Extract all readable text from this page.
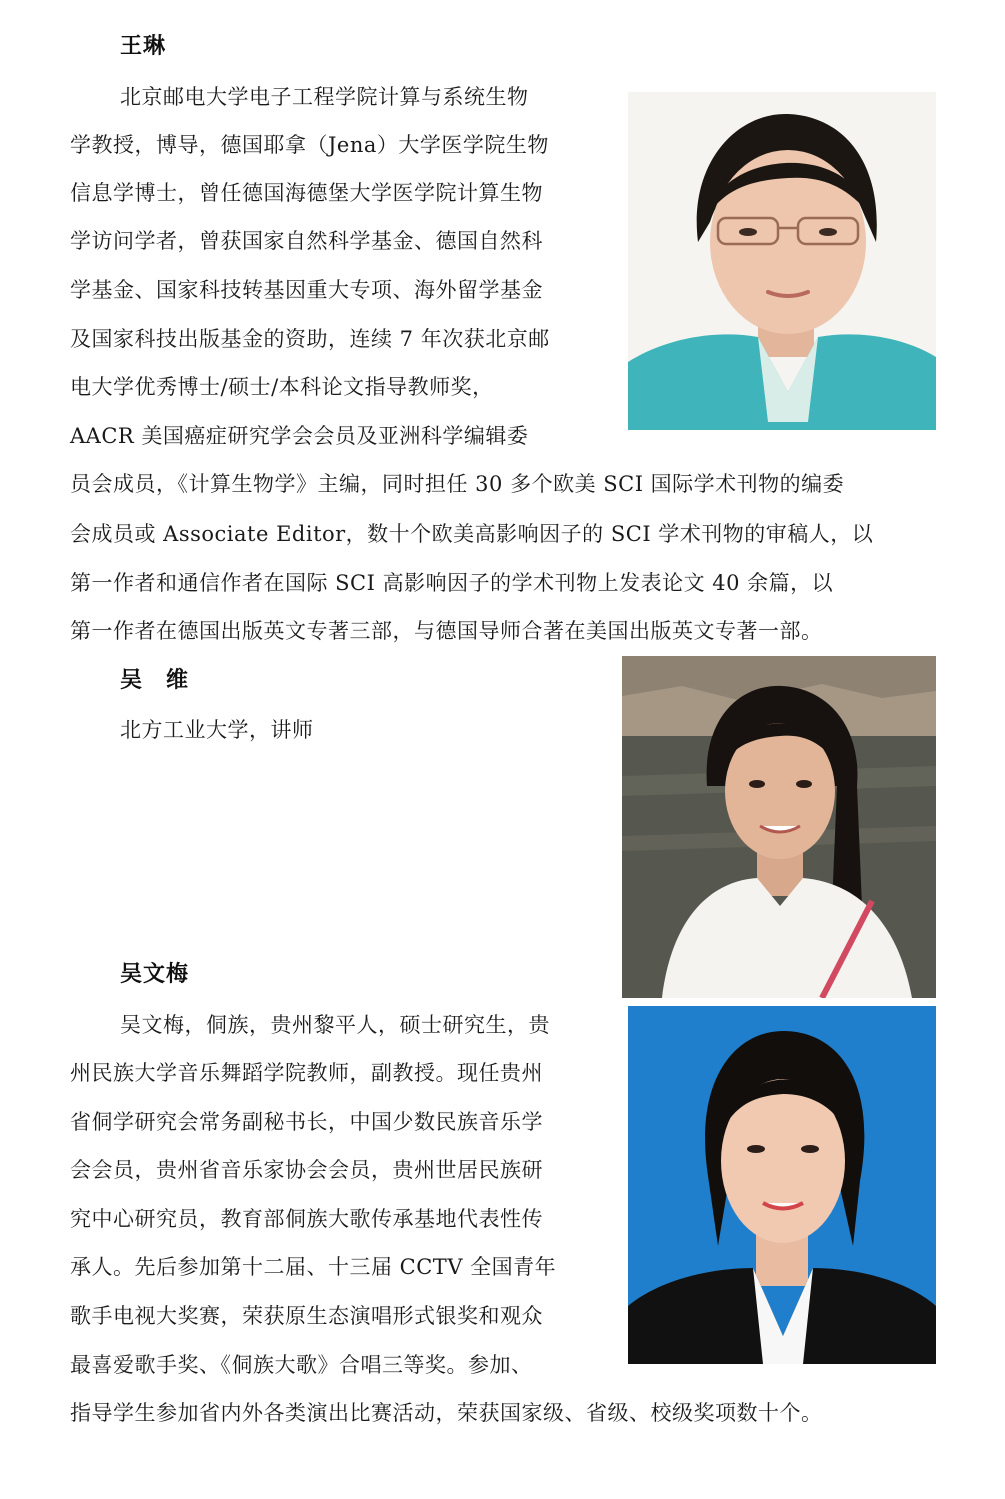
王琳
北京邮电大学电子工程学院计算与系统生物
学教授，博导，德国耶拿（Jena）大学医学院生物
信息学博士，曾任德国海德堡大学医学院计算生物
学访问学者，曾获国家自然科学基金、德国自然科
学基金、国家科技转基因重大专项、海外留学基金
及国家科技出版基金的资助，连续 7 年次获北京邮
电大学优秀博士/硕士/本科论文指导教师奖，
AACR 美国癌症研究学会会员及亚洲科学编辑委
员会成员，《计算生物学》主编，同时担任 30 多个欧美 SCI 国际学术刊物的编委
会成员或 Associate Editor，数十个欧美高影响因子的 SCI 学术刊物的审稿人，以
第一作者和通信作者在国际 SCI 高影响因子的学术刊物上发表论文 40 余篇，以
第一作者在德国出版英文专著三部，与德国导师合著在美国出版英文专著一部。
吴　维
北方工业大学，讲师
吴文梅
吴文梅，侗族，贵州黎平人，硕士研究生，贵
州民族大学音乐舞蹈学院教师，副教授。现任贵州
省侗学研究会常务副秘书长，中国少数民族音乐学
会会员，贵州省音乐家协会会员，贵州世居民族研
究中心研究员，教育部侗族大歌传承基地代表性传
承人。先后参加第十二届、十三届 CCTV 全国青年
歌手电视大奖赛，荣获原生态演唱形式银奖和观众
最喜爱歌手奖、《侗族大歌》合唱三等奖。参加、
指导学生参加省内外各类演出比赛活动，荣获国家级、省级、校级奖项数十个。
